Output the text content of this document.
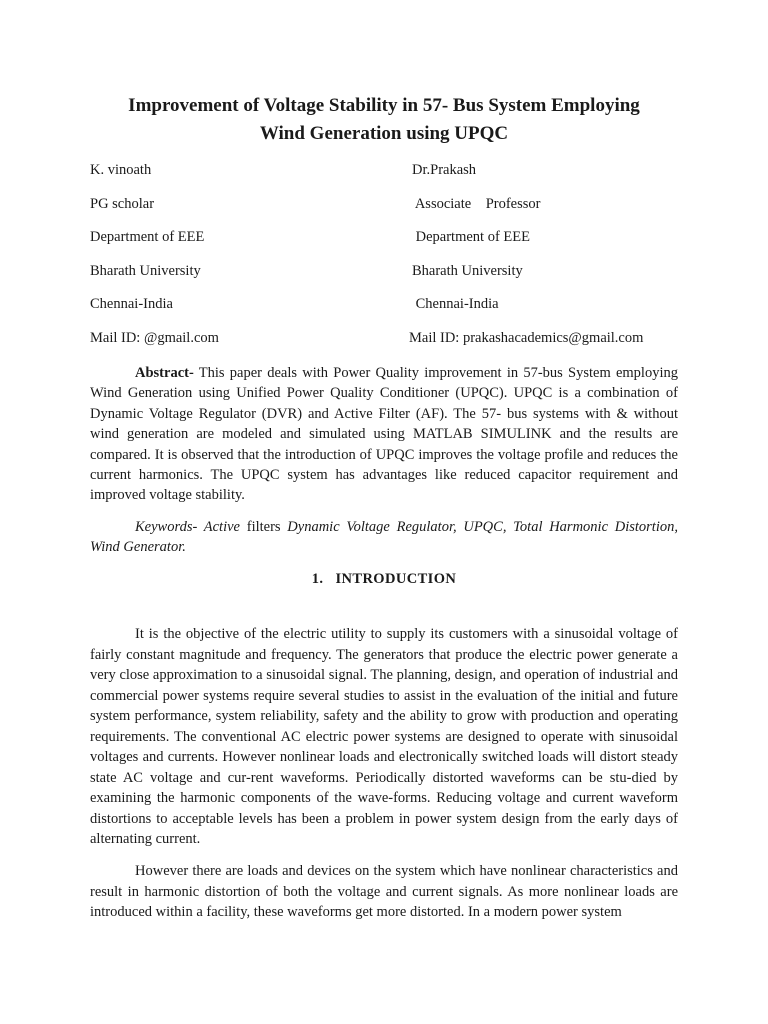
Improvement of Voltage Stability in 57- Bus System Employing
Wind Generation using UPQC
K. vinoath
PG scholar
Department of EEE
Bharath University
Chennai-India
Mail ID: @gmail.com
Dr.Prakash
Associate    Professor
Department of EEE
Bharath University
Chennai-India
Mail ID: prakashacademics@gmail.com

Abstract- This paper deals with Power Quality improvement in 57-bus System employing Wind Generation using Unified Power Quality Conditioner (UPQC). UPQC is a combination of Dynamic Voltage Regulator (DVR) and Active Filter (AF). The 57- bus systems with & without wind generation are modeled and simulated using MATLAB SIMULINK and the results are compared. It is observed that the introduction of UPQC improves the voltage profile and reduces the current harmonics. The UPQC system has advantages like reduced capacitor requirement and improved voltage stability.

Keywords- Active filters Dynamic Voltage Regulator, UPQC, Total Harmonic Distortion, Wind Generator.

1.   INTRODUCTION

It is the objective of the electric utility to supply its customers with a sinusoidal voltage of fairly constant magnitude and frequency. The generators that produce the electric power generate a very close approximation to a sinusoidal signal. The planning, design, and operation of industrial and commercial power systems require several studies to assist in the evaluation of the initial and future system performance, system reliability, safety and the ability to grow with production and operating requirements. The conventional AC electric power systems are designed to operate with sinusoidal voltages and currents. However nonlinear loads and electronically switched loads will distort steady state AC voltage and cur-rent waveforms. Periodically distorted waveforms can be stu-died by examining the harmonic components of the wave-forms. Reducing voltage and current waveform distortions to acceptable levels has been a problem in power system design from the early days of alternating current.

However there are loads and devices on the system which have nonlinear characteristics and result in harmonic distortion of both the voltage and current signals. As more nonlinear loads are introduced within a facility, these waveforms get more distorted. In a modern power system
